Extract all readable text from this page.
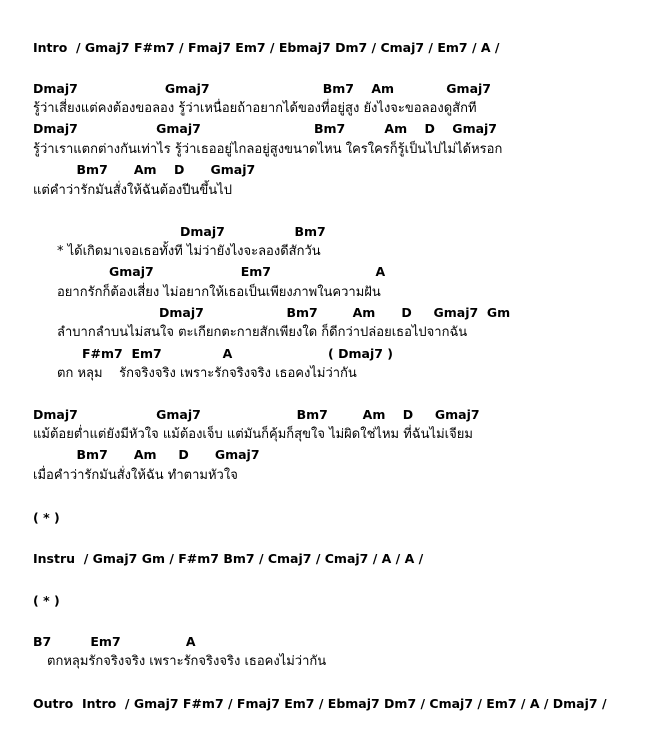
Intro  / Gmaj7 F#m7 / Fmaj7 Em7 / Ebmaj7 Dm7 / Cmaj7 / Em7 / A /

Dmaj7                    Gmaj7                          Bm7    Am            Gmaj7

รู้ว่าเสี่ยงแต่คงต้องขอลอง รู้ว่าเหนื่อยถ้าอยากได้ของที่อยู่สูง ยังไงจะขอลองดูสักที

Dmaj7                  Gmaj7                          Bm7         Am    D    Gmaj7

รู้ว่าเราแตกต่างกันเท่าไร รู้ว่าเธออยู่ไกลอยู่สูงขนาดไหน ใครใครก็รู้เป็นไปไม่ได้หรอก

Bm7      Am    D      Gmaj7

แต่คำว่ารักมันสั่งให้ฉันต้องปีนขึ้นไป

Dmaj7                Bm7

* ได้เกิดมาเจอเธอทั้งที ไม่ว่ายังไงจะลองดีสักวัน

Gmaj7                    Em7                        A

อยากรักก็ต้องเสี่ยง ไม่อยากให้เธอเป็นเพียงภาพในความฝัน

Dmaj7                   Bm7        Am      D     Gmaj7  Gm

ลำบากลำบนไม่สนใจ ตะเกียกตะกายสักเพียงใด ก็ดีกว่าปล่อยเธอไปจากฉัน

F#m7  Em7              A                      ( Dmaj7 )

ตก หลุม    รักจริงจริง เพราะรักจริงจริง เธอคงไม่ว่ากัน

Dmaj7                  Gmaj7                      Bm7        Am    D     Gmaj7

แม้ต้อยต่ำแต่ยังมีหัวใจ แม้ต้องเจ็บ แต่มันก็คุ้มก็สุขใจ ไม่ผิดใช่ไหม ที่ฉันไม่เจียม

Bm7      Am     D      Gmaj7

เมื่อคำว่ารักมันสั่งให้ฉัน ทำตามหัวใจ

( * )

Instru  / Gmaj7 Gm / F#m7 Bm7 / Cmaj7 / Cmaj7 / A / A /

( * )

B7         Em7               A

ตกหลุมรักจริงจริง เพราะรักจริงจริง เธอคงไม่ว่ากัน

Outro  Intro  / Gmaj7 F#m7 / Fmaj7 Em7 / Ebmaj7 Dm7 / Cmaj7 / Em7 / A / Dmaj7 /
